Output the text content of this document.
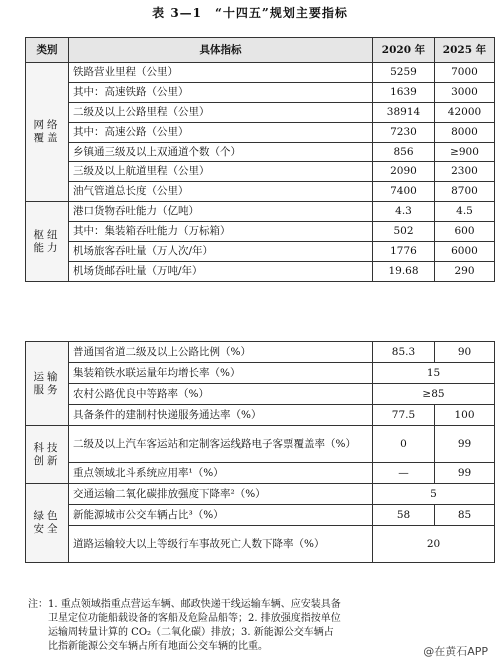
表 3—1　“十四五”规划主要指标
类别	具体指标	2020 年	2025 年
网络覆盖	铁路营业里程（公里）	5259	7000
	其中：高速铁路（公里）	1639	3000
	二级及以上公路里程（公里）	38914	42000
	其中：高速公路（公里）	7230	8000
	乡镇通三级及以上双通道个数（个）	856	≥900
	三级及以上航道里程（公里）	2090	2300
	油气管道总长度（公里）	7400	8700
枢纽能力	港口货物吞吐能力（亿吨）	4.3	4.5
	其中：集装箱吞吐能力（万标箱）	502	600
	机场旅客吞吐量（万人次/年）	1776	6000
	机场货邮吞吐量（万吨/年）	19.68	290
运输服务	普通国省道二级及以上公路比例（%）	85.3	90
	集装箱铁水联运量年均增长率（%）	15	
	农村公路优良中等路率（%）	≥85	
	具备条件的建制村快递服务通达率（%）	77.5	100
科技创新	二级及以上汽车客运站和定制客运线路电子客票覆盖率（%）	0	99
	重点领域北斗系统应用率¹（%）	—	99
绿色安全	交通运输二氧化碳排放强度下降率²（%）	5	
	新能源城市公交车辆占比³（%）	58	85
	道路运输较大以上等级行车事故死亡人数下降率（%）	20	
注：1. 重点领域指重点营运车辆、邮政快递干线运输车辆、应安装具备
卫星定位功能船载设备的客船及危险品船等；2. 排放强度指按单位
运输周转量计算的 CO₂（二氧化碳）排放；3. 新能源公交车辆占
比指新能源公交车辆占所有地面公交车辆的比重。	@在黄石APP
